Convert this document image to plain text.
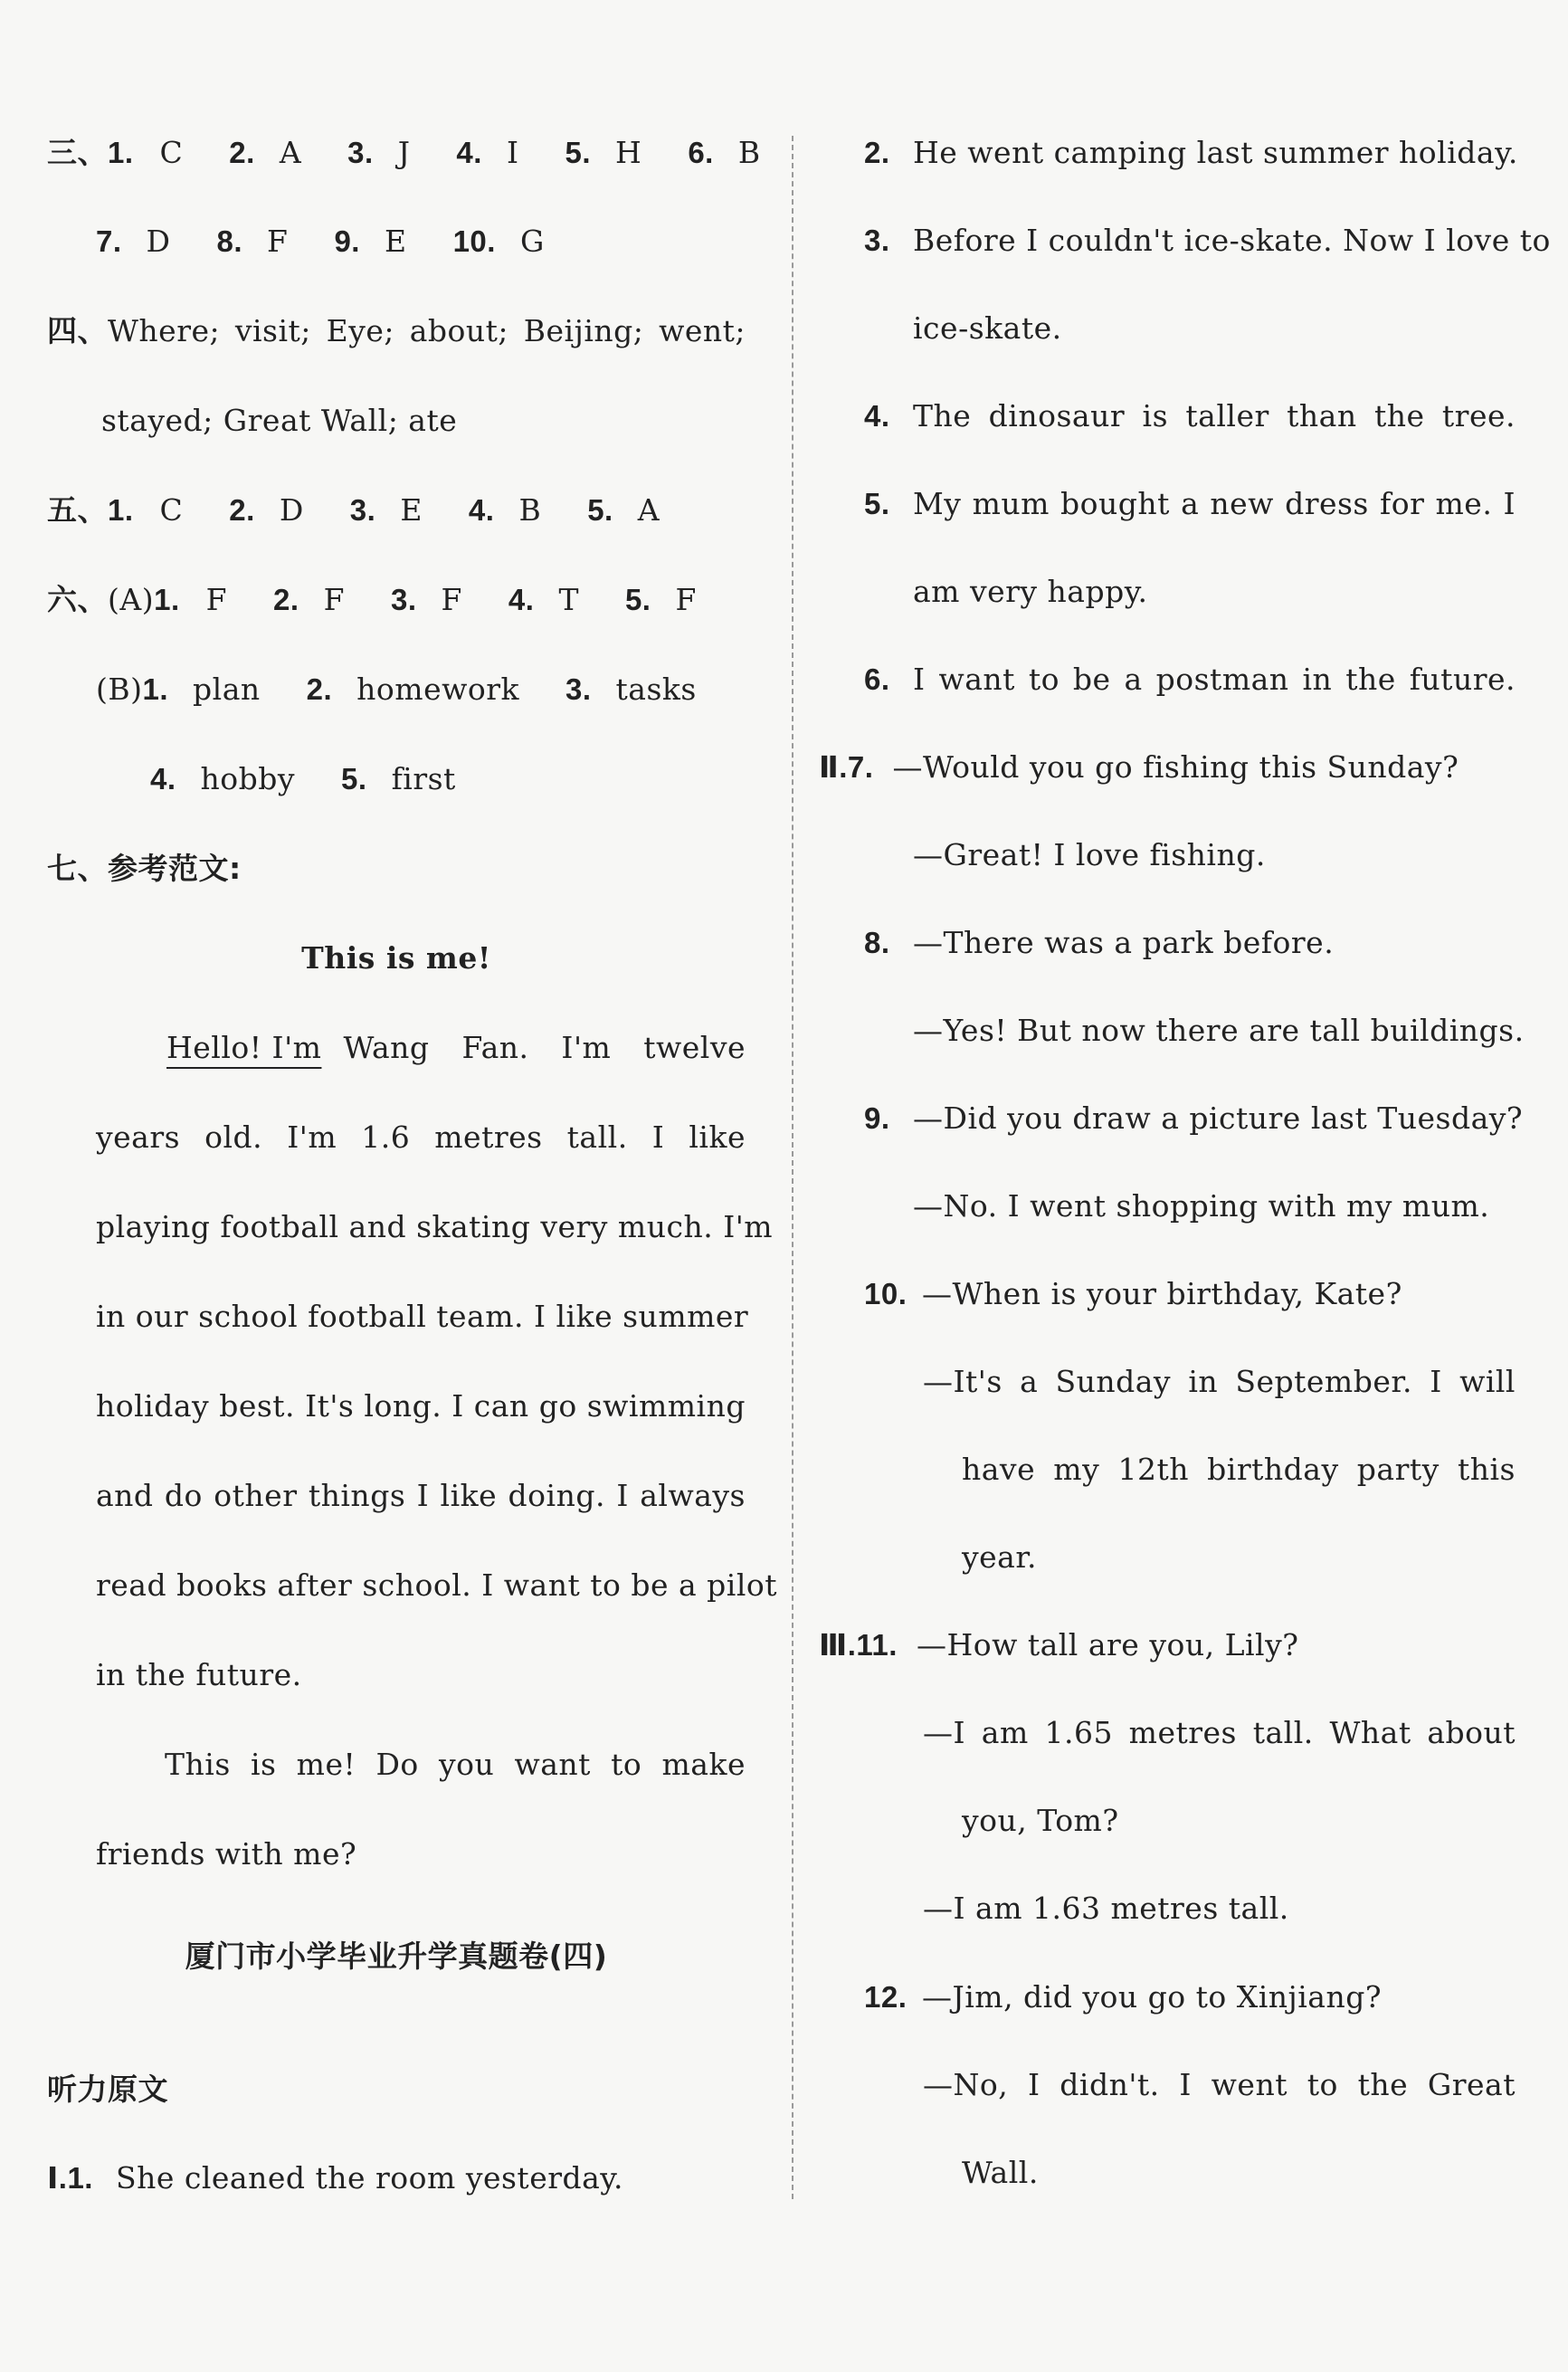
三、1. C 2. A 3. J 4. I 5. H 6. B
7. D 8. F 9. E 10. G
四、 Where; visit; Eye; about; Beijing; went;
stayed; Great Wall; ate
五、1. C 2. D 3. E 4. B 5. A
六、(A)1. F 2. F 3. F 4. T 5. F
(B)1. plan 2. homework 3. tasks
4. hobby 5. first
七、参考范文:
This is me!
Hello! I'm Wang Fan. I'm twelve
years old. I'm 1.6 metres tall. I like
playing football and skating very much. I'm
in our school football team. I like summer
holiday best. It's long. I can go swimming
and do other things I like doing. I always
read books after school. I want to be a pilot
in the future.
This is me! Do you want to make
friends with me?
厦门市小学毕业升学真题卷(四)
听力原文
Ⅰ.1. She cleaned the room yesterday.
2. He went camping last summer holiday.
3. Before I couldn't ice-skate. Now I love to
ice-skate.
4. The dinosaur is taller than the tree.
5. My mum bought a new dress for me. I
am very happy.
6. I want to be a postman in the future.
Ⅱ.7. —Would you go fishing this Sunday?
—Great! I love fishing.
8. —There was a park before.
—Yes! But now there are tall buildings.
9. —Did you draw a picture last Tuesday?
—No. I went shopping with my mum.
10. —When is your birthday, Kate?
—It's a Sunday in September. I will
have my 12th birthday party this
year.
Ⅲ.11. —How tall are you, Lily?
—I am 1.65 metres tall. What about
you, Tom?
—I am 1.63 metres tall.
12. —Jim, did you go to Xinjiang?
—No, I didn't. I went to the Great
Wall.
